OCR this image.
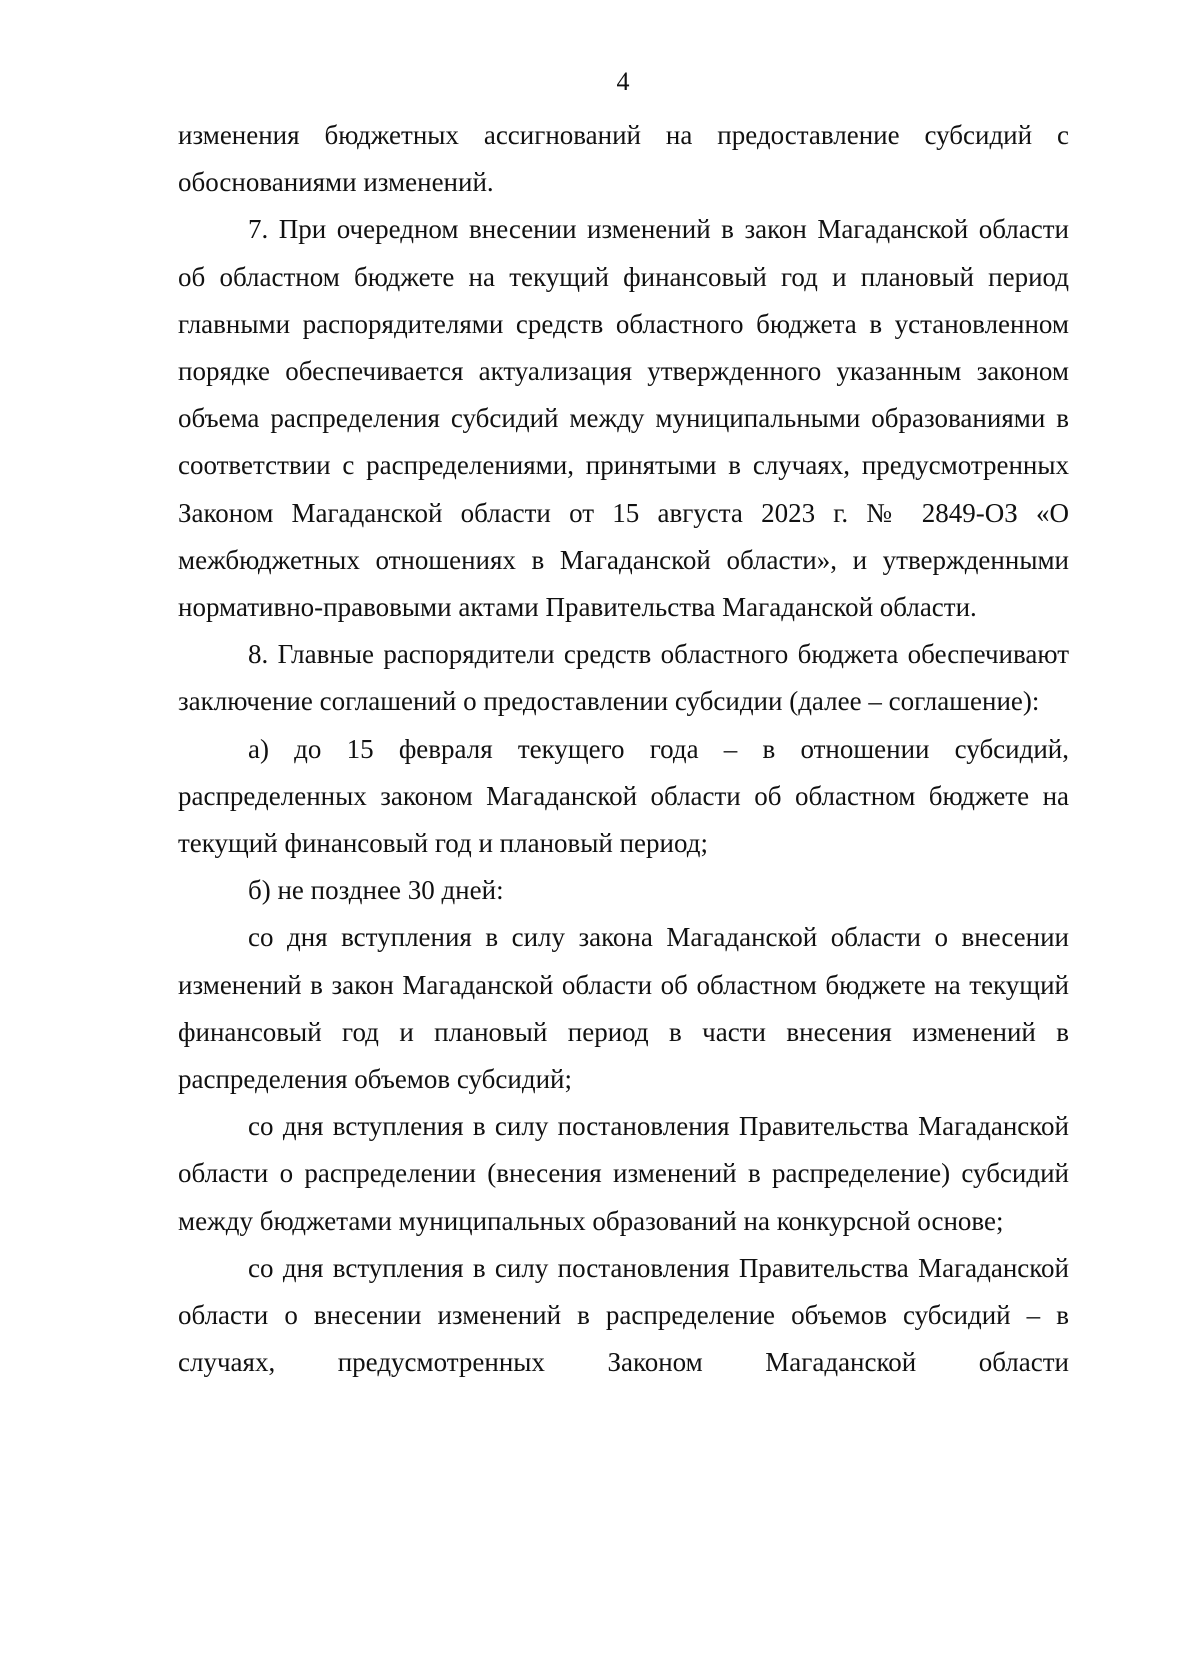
4

изменения бюджетных ассигнований на предоставление субсидий с обоснованиями изменений.

7. При очередном внесении изменений в закон Магаданской области об областном бюджете на текущий финансовый год и плановый период главными распорядителями средств областного бюджета в установленном порядке обеспечивается актуализация утвержденного указанным законом объема распределения субсидий между муниципальными образованиями в соответствии с распределениями, принятыми в случаях, предусмотренных Законом Магаданской области от 15 августа 2023 г. № 2849-ОЗ «О межбюджетных отношениях в Магаданской области», и утвержденными нормативно-правовыми актами Правительства Магаданской области.

8. Главные распорядители средств областного бюджета обеспечивают заключение соглашений о предоставлении субсидии (далее – соглашение):

а) до 15 февраля текущего года – в отношении субсидий, распределенных законом Магаданской области об областном бюджете на текущий финансовый год и плановый период;

б) не позднее 30 дней:

со дня вступления в силу закона Магаданской области о внесении изменений в закон Магаданской области об областном бюджете на текущий финансовый год и плановый период в части внесения изменений в распределения объемов субсидий;

со дня вступления в силу постановления Правительства Магаданской области о распределении (внесения изменений в распределение) субсидий между бюджетами муниципальных образований на конкурсной основе;

со дня вступления в силу постановления Правительства Магаданской области о внесении изменений в распределение объемов субсидий – в случаях, предусмотренных Законом Магаданской области
